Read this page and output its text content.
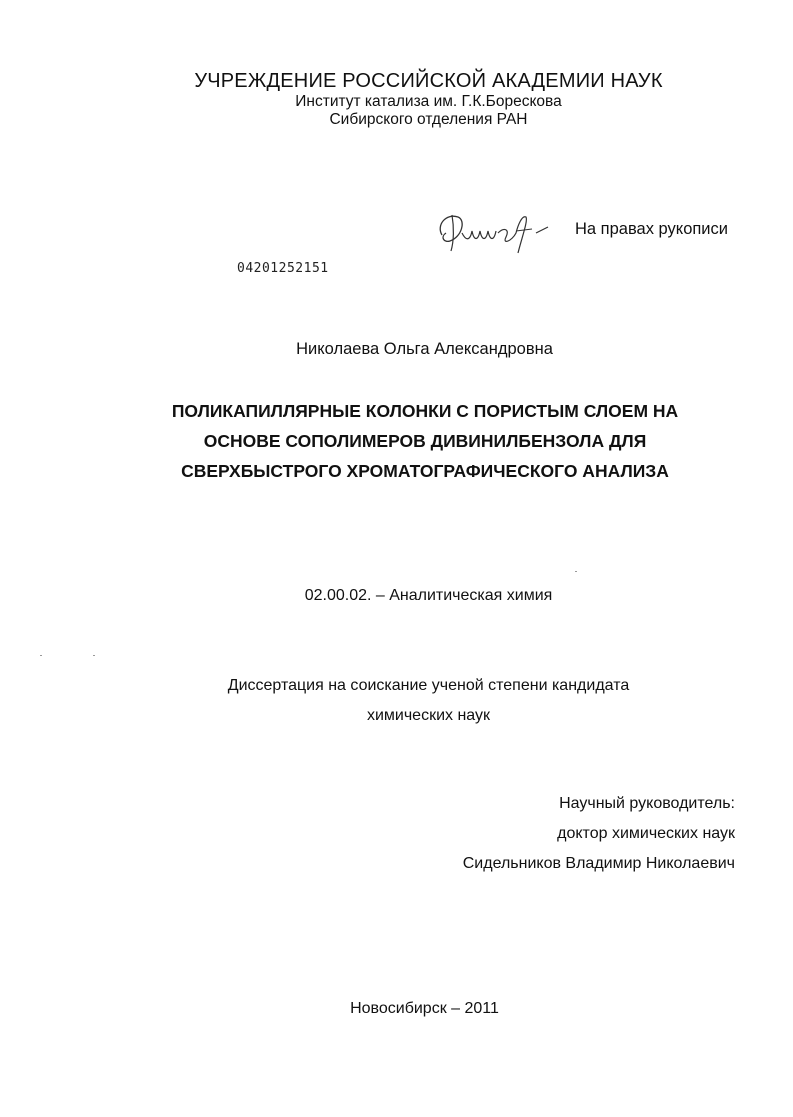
УЧРЕЖДЕНИЕ РОССИЙСКОЙ АКАДЕМИИ НАУК
Институт катализа им. Г.К.Борескова
Сибирского отделения РАН
На правах рукописи
04201252151
Николаева Ольга Александровна
ПОЛИКАПИЛЛЯРНЫЕ КОЛОНКИ С ПОРИСТЫМ СЛОЕМ НА
ОСНОВЕ СОПОЛИМЕРОВ ДИВИНИЛБЕНЗОЛА ДЛЯ
СВЕРХБЫСТРОГО ХРОМАТОГРАФИЧЕСКОГО АНАЛИЗА
02.00.02. – Аналитическая химия
Диссертация на соискание ученой степени кандидата
химических наук
Научный руководитель:
доктор химических наук
Сидельников Владимир Николаевич
Новосибирск – 2011
